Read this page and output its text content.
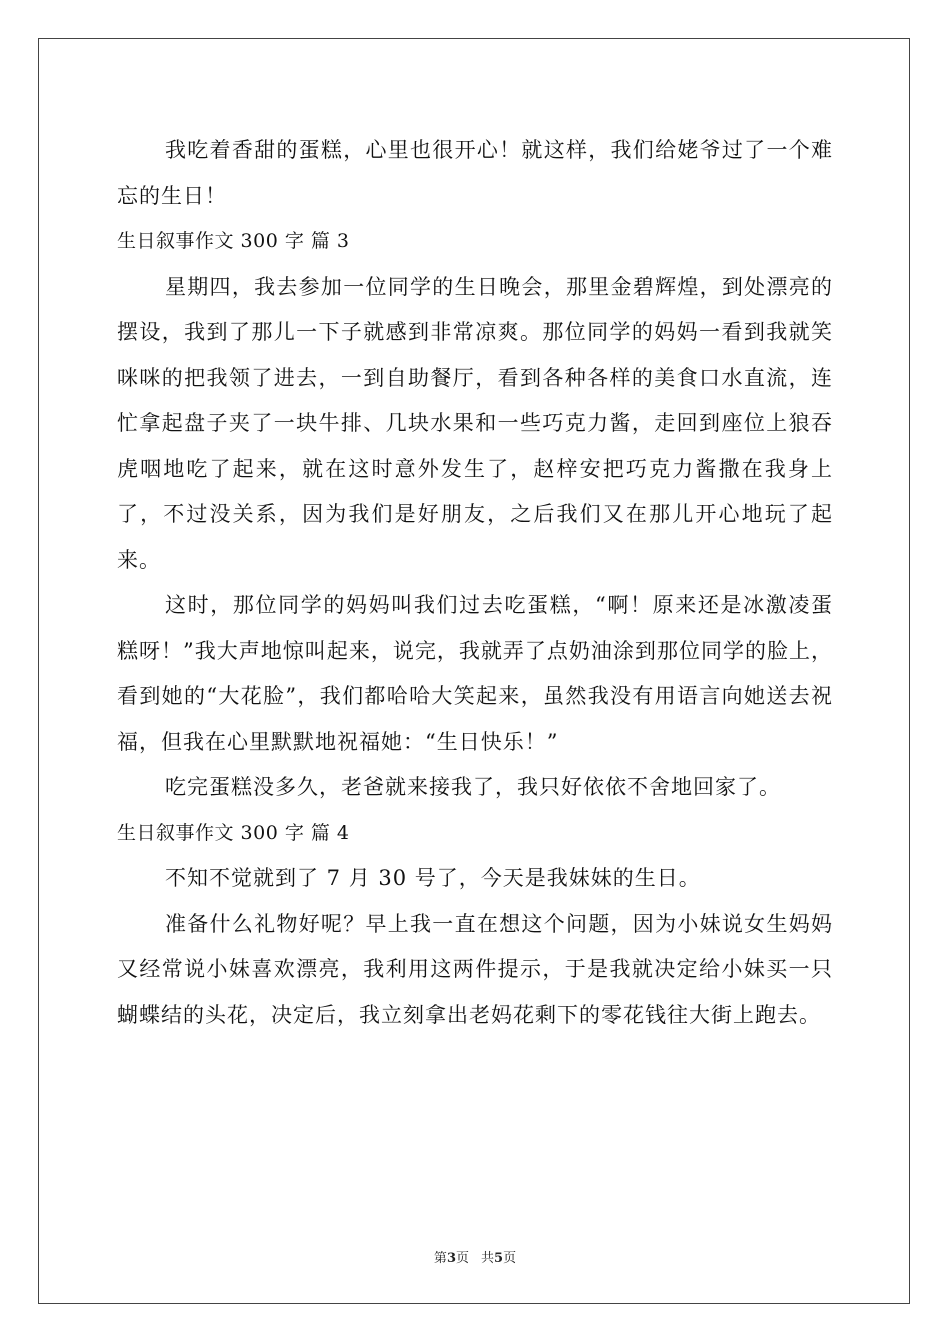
我吃着香甜的蛋糕，心里也很开心！就这样，我们给姥爷过了一个难忘的生日！

生日叙事作文 300 字 篇 3

星期四，我去参加一位同学的生日晚会，那里金碧辉煌，到处漂亮的摆设，我到了那儿一下子就感到非常凉爽。那位同学的妈妈一看到我就笑咪咪的把我领了进去，一到自助餐厅，看到各种各样的美食口水直流，连忙拿起盘子夹了一块牛排、几块水果和一些巧克力酱，走回到座位上狼吞虎咽地吃了起来，就在这时意外发生了，赵梓安把巧克力酱撒在我身上了，不过没关系，因为我们是好朋友，之后我们又在那儿开心地玩了起来。

这时，那位同学的妈妈叫我们过去吃蛋糕，“啊！原来还是冰激凌蛋糕呀！”我大声地惊叫起来，说完，我就弄了点奶油涂到那位同学的脸上，看到她的“大花脸”，我们都哈哈大笑起来，虽然我没有用语言向她送去祝福，但我在心里默默地祝福她：“生日快乐！”

吃完蛋糕没多久，老爸就来接我了，我只好依依不舍地回家了。

生日叙事作文 300 字 篇 4

不知不觉就到了 7 月 30 号了，今天是我妹妹的生日。

准备什么礼物好呢？早上我一直在想这个问题，因为小妹说女生妈妈又经常说小妹喜欢漂亮，我利用这两件提示，于是我就决定给小妹买一只蝴蝶结的头花，决定后，我立刻拿出老妈花剩下的零花钱往大街上跑去。

第3页 共5页
